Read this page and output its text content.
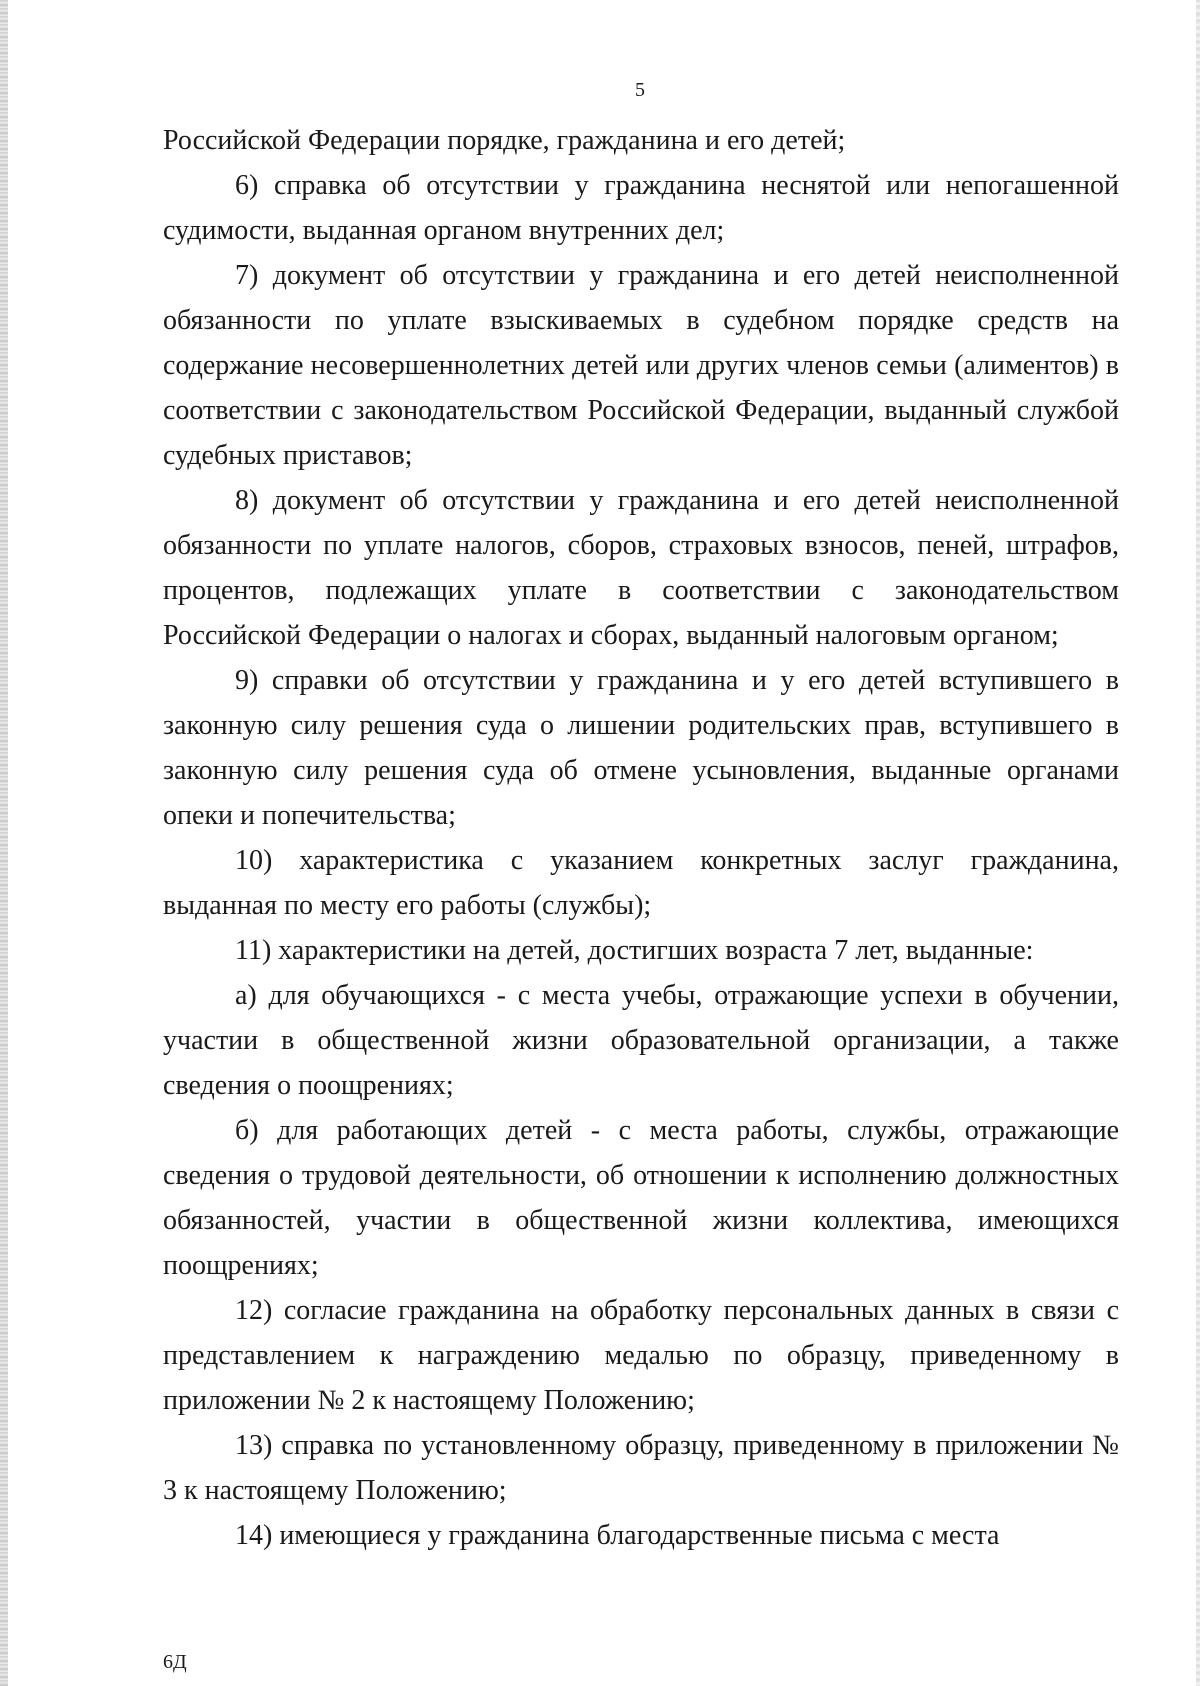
5

Российской Федерации порядке, гражданина и его детей;

6) справка об отсутствии у гражданина неснятой или непогашенной судимости, выданная органом внутренних дел;

7) документ об отсутствии у гражданина и его детей неисполненной обязанности по уплате взыскиваемых в судебном порядке средств на содержание несовершеннолетних детей или других членов семьи (алиментов) в соответствии с законодательством Российской Федерации, выданный службой судебных приставов;

8) документ об отсутствии у гражданина и его детей неисполненной обязанности по уплате налогов, сборов, страховых взносов, пеней, штрафов, процентов, подлежащих уплате в соответствии с законодательством Российской Федерации о налогах и сборах, выданный налоговым органом;

9) справки об отсутствии у гражданина и у его детей вступившего в законную силу решения суда о лишении родительских прав, вступившего в законную силу решения суда об отмене усыновления, выданные органами опеки и попечительства;

10) характеристика с указанием конкретных заслуг гражданина, выданная по месту его работы (службы);

11) характеристики на детей, достигших возраста 7 лет, выданные:

а) для обучающихся - с места учебы, отражающие успехи в обучении, участии в общественной жизни образовательной организации, а также сведения о поощрениях;

б) для работающих детей - с места работы, службы, отражающие сведения о трудовой деятельности, об отношении к исполнению должностных обязанностей, участии в общественной жизни коллектива, имеющихся поощрениях;

12) согласие гражданина на обработку персональных данных в связи с представлением к награждению медалью по образцу, приведенному в приложении № 2 к настоящему Положению;

13) справка по установленному образцу, приведенному в приложении № 3 к настоящему Положению;

14) имеющиеся у гражданина благодарственные письма с места

6Д
